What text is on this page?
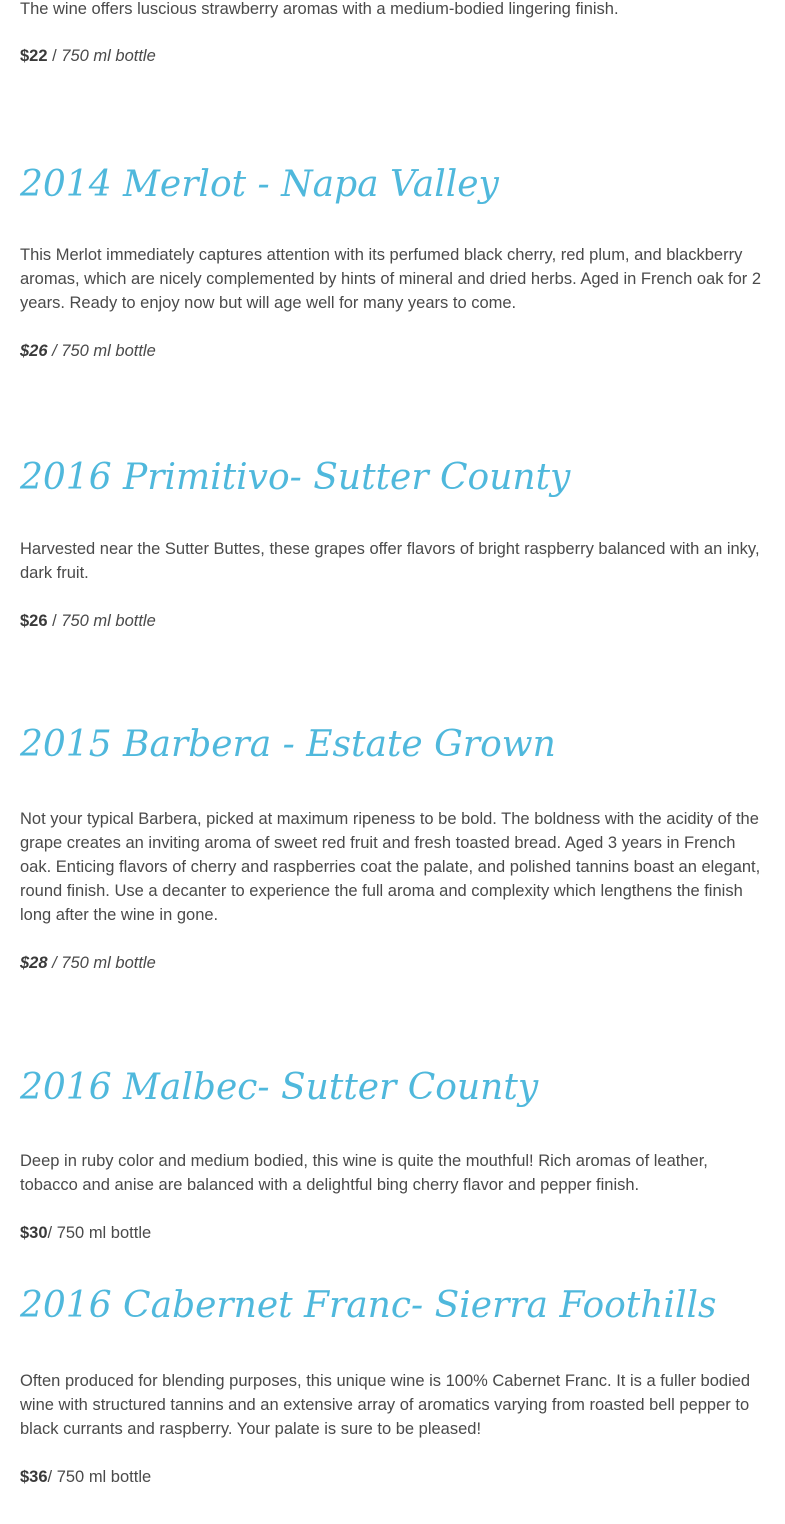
The wine offers luscious strawberry aromas with a medium-bodied lingering finish.
$22 / 750 ml bottle
2014 Merlot - Napa Valley
This Merlot immediately captures attention with its perfumed black cherry, red plum, and blackberry aromas, which are nicely complemented by hints of mineral and dried herbs. Aged in French oak for 2 years. Ready to enjoy now but will age well for many years to come.
$26 / 750 ml bottle
2016 Primitivo- Sutter County
Harvested near the Sutter Buttes, these grapes offer flavors of bright raspberry balanced with an inky, dark fruit.
$26 / 750 ml bottle
2015 Barbera - Estate Grown
Not your typical Barbera, picked at maximum ripeness to be bold. The boldness with the acidity of the grape creates an inviting aroma of sweet red fruit and fresh toasted bread. Aged 3 years in French oak. Enticing flavors of cherry and raspberries coat the palate, and polished tannins boast an elegant, round finish. Use a decanter to experience the full aroma and complexity which lengthens the finish long after the wine in gone.
$28 / 750 ml bottle
2016 Malbec- Sutter County
Deep in ruby color and medium bodied, this wine is quite the mouthful! Rich aromas of leather, tobacco and anise are balanced with a delightful bing cherry flavor and pepper finish.
$30/ 750 ml bottle
2016 Cabernet Franc- Sierra Foothills
Often produced for blending purposes, this unique wine is 100% Cabernet Franc. It is a fuller bodied wine with structured tannins and an extensive array of aromatics varying from roasted bell pepper to black currants and raspberry. Your palate is sure to be pleased!
$36/ 750 ml bottle
